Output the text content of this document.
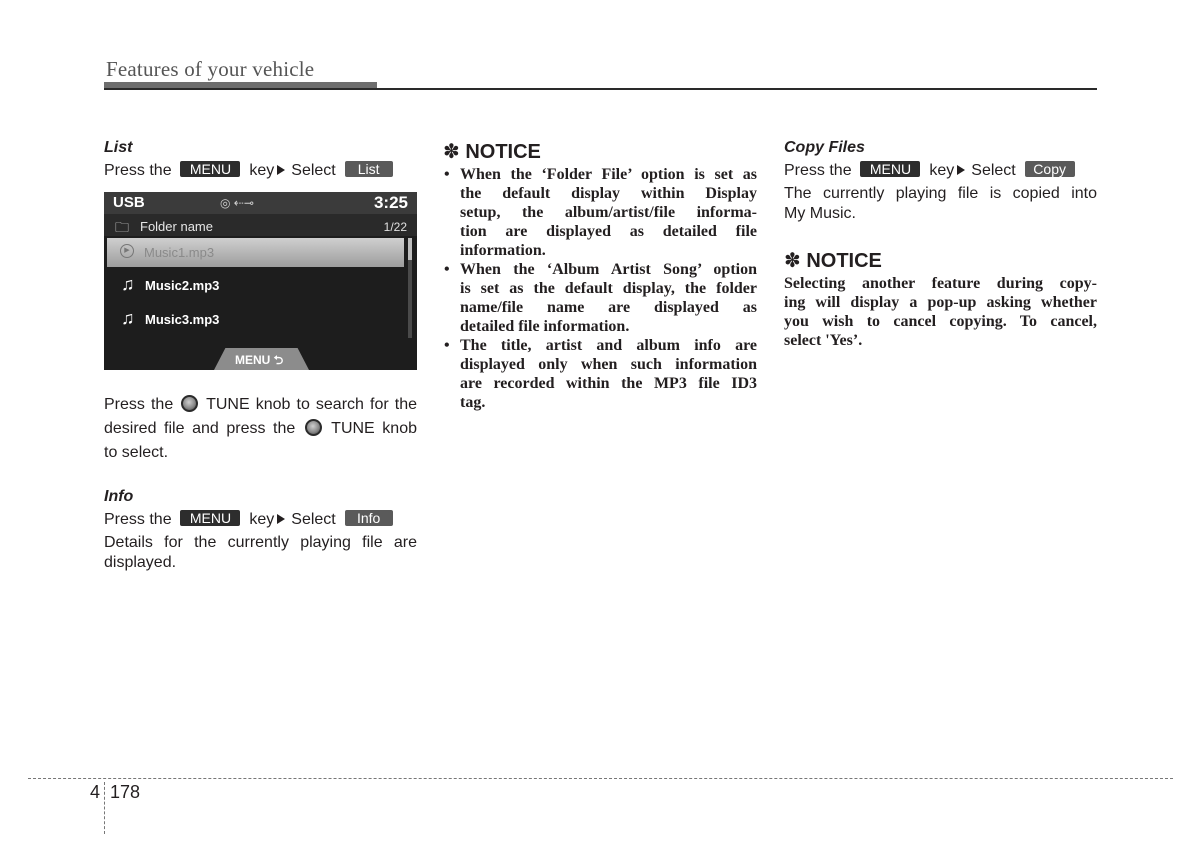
Features of your vehicle
List
Press the MENU key Select List
USB	◎ ⇠⊸	3:25
🗀 Folder name	1/22
▶	Music1.mp3
♫ Music2.mp3
♫ Music3.mp3
MENU ⮌
Press the TUNE knob to search for the
desired file and press the TUNE knob
to select.
Info
Press the MENU key Select Info
Details for the currently playing file are
displayed.
✽ NOTICE
• When the ‘Folder File’ option is set as
the default display within Display
setup, the album/artist/file informa-
tion are displayed as detailed file
information.
• When the ‘Album Artist Song’ option
is set as the default display, the folder
name/file name are displayed as
detailed file information.
• The title, artist and album info are
displayed only when such information
are recorded within the MP3 file ID3
tag.
Copy Files
Press the MENU key Select Copy
The currently playing file is copied into
My Music.
✽ NOTICE
Selecting another feature during copy-
ing will display a pop-up asking whether
you wish to cancel copying. To cancel,
select 'Yes’.
4 178
